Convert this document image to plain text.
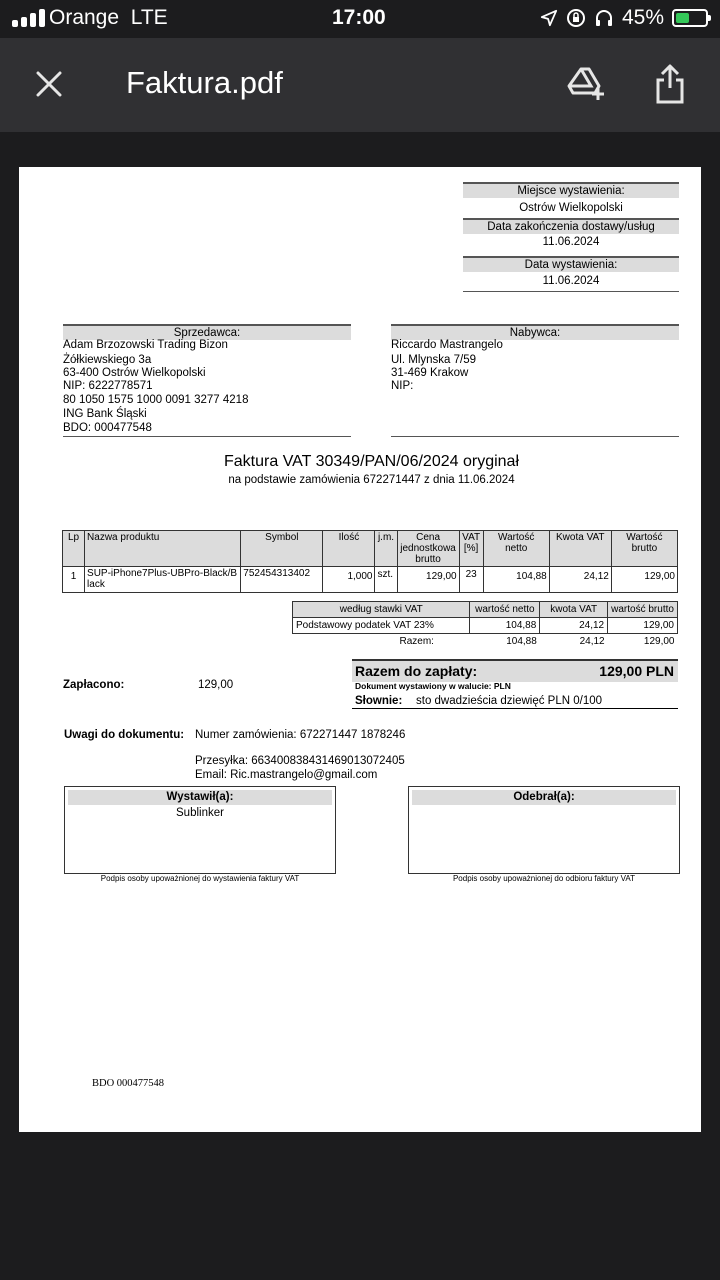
Orange LTE	17:00	45%
Faktura.pdf
Miejsce wystawienia:
Ostrów Wielkopolski
Data zakończenia dostawy/usług
11.06.2024
Data wystawienia:
11.06.2024
Sprzedawca:
Adam Brzozowski Trading Bizon
Żółkiewskiego 3a
63-400 Ostrów Wielkopolski
NIP: 6222778571
80 1050 1575 1000 0091 3277 4218
ING Bank Śląski
BDO: 000477548
Nabywca:
Riccardo Mastrangelo
Ul. Mlynska 7/59
31-469 Krakow
NIP:
Faktura VAT 30349/PAN/06/2024 oryginał
na podstawie zamówienia 672271447 z dnia 11.06.2024
Lp	Nazwa produktu	Symbol	Ilość	j.m.	Cena jednostkowa brutto	VAT [%]	Wartość netto	Kwota VAT	Wartość brutto
1	SUP-iPhone7Plus-UBPro-Black/Black	752454313402	1,000	szt.	129,00	23	104,88	24,12	129,00
według stawki VAT	wartość netto	kwota VAT	wartość brutto
Podstawowy podatek VAT 23%	104,88	24,12	129,00
Razem:	104,88	24,12	129,00
Razem do zapłaty:	129,00 PLN
Dokument wystawiony w walucie: PLN
Słownie: sto dwadzieścia dziewięć PLN 0/100
Zapłacono:	129,00
Uwagi do dokumentu: Numer zamówienia: 672271447 1878246
Przesyłka: 663400838431469013072405
Email: Ric.mastrangelo@gmail.com
Wystawił(a):
Sublinker
Odebrał(a):
Podpis osoby upoważnionej do wystawienia faktury VAT	Podpis osoby upoważnionej do odbioru faktury VAT
BDO 000477548
